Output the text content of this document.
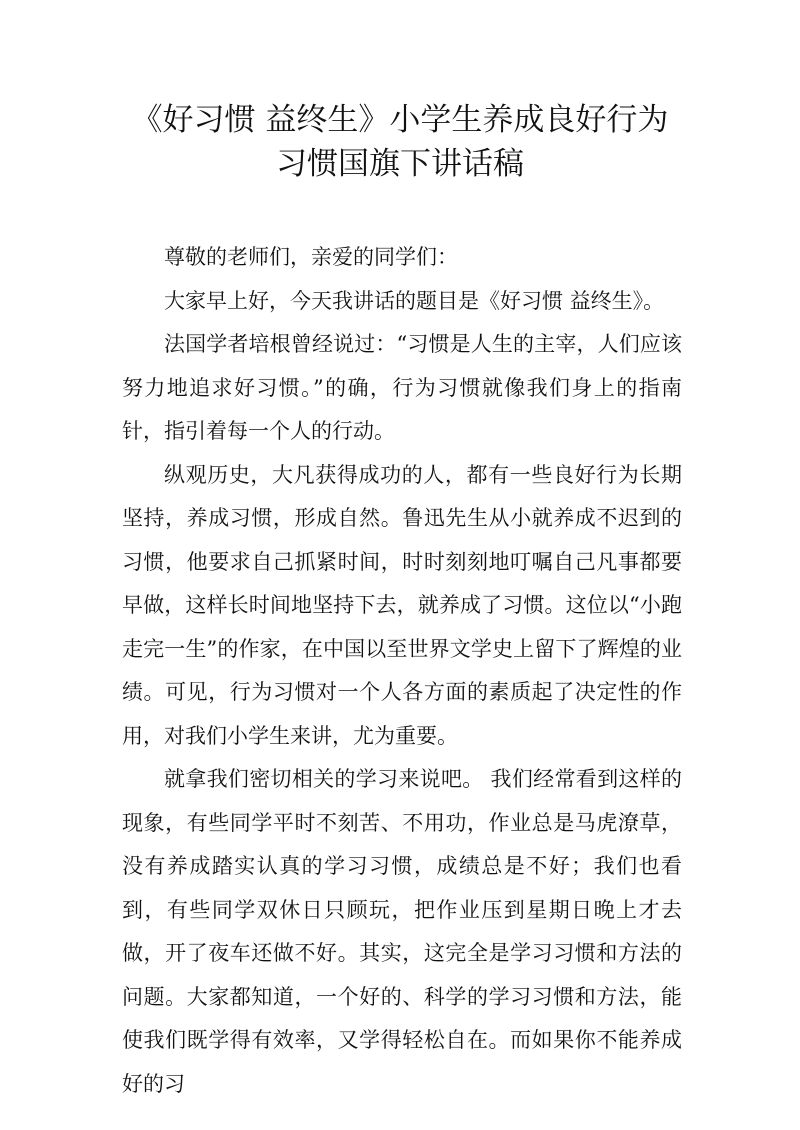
《好习惯 益终生》小学生养成良好行为
习惯国旗下讲话稿

尊敬的老师们，亲爱的同学们：

大家早上好，今天我讲话的题目是《好习惯 益终生》。

法国学者培根曾经说过：“习惯是人生的主宰，人们应该努力地追求好习惯。”的确，行为习惯就像我们身上的指南针，指引着每一个人的行动。

纵观历史，大凡获得成功的人，都有一些良好行为长期坚持，养成习惯，形成自然。鲁迅先生从小就养成不迟到的习惯，他要求自己抓紧时间，时时刻刻地叮嘱自己凡事都要早做，这样长时间地坚持下去，就养成了习惯。这位以“小跑走完一生”的作家，在中国以至世界文学史上留下了辉煌的业绩。可见，行为习惯对一个人各方面的素质起了决定性的作用，对我们小学生来讲，尤为重要。

就拿我们密切相关的学习来说吧。 我们经常看到这样的现象，有些同学平时不刻苦、不用功，作业总是马虎潦草，没有养成踏实认真的学习习惯，成绩总是不好；我们也看到，有些同学双休日只顾玩，把作业压到星期日晚上才去做，开了夜车还做不好。其实，这完全是学习习惯和方法的问题。大家都知道，一个好的、科学的学习习惯和方法，能使我们既学得有效率，又学得轻松自在。而如果你不能养成好的习
